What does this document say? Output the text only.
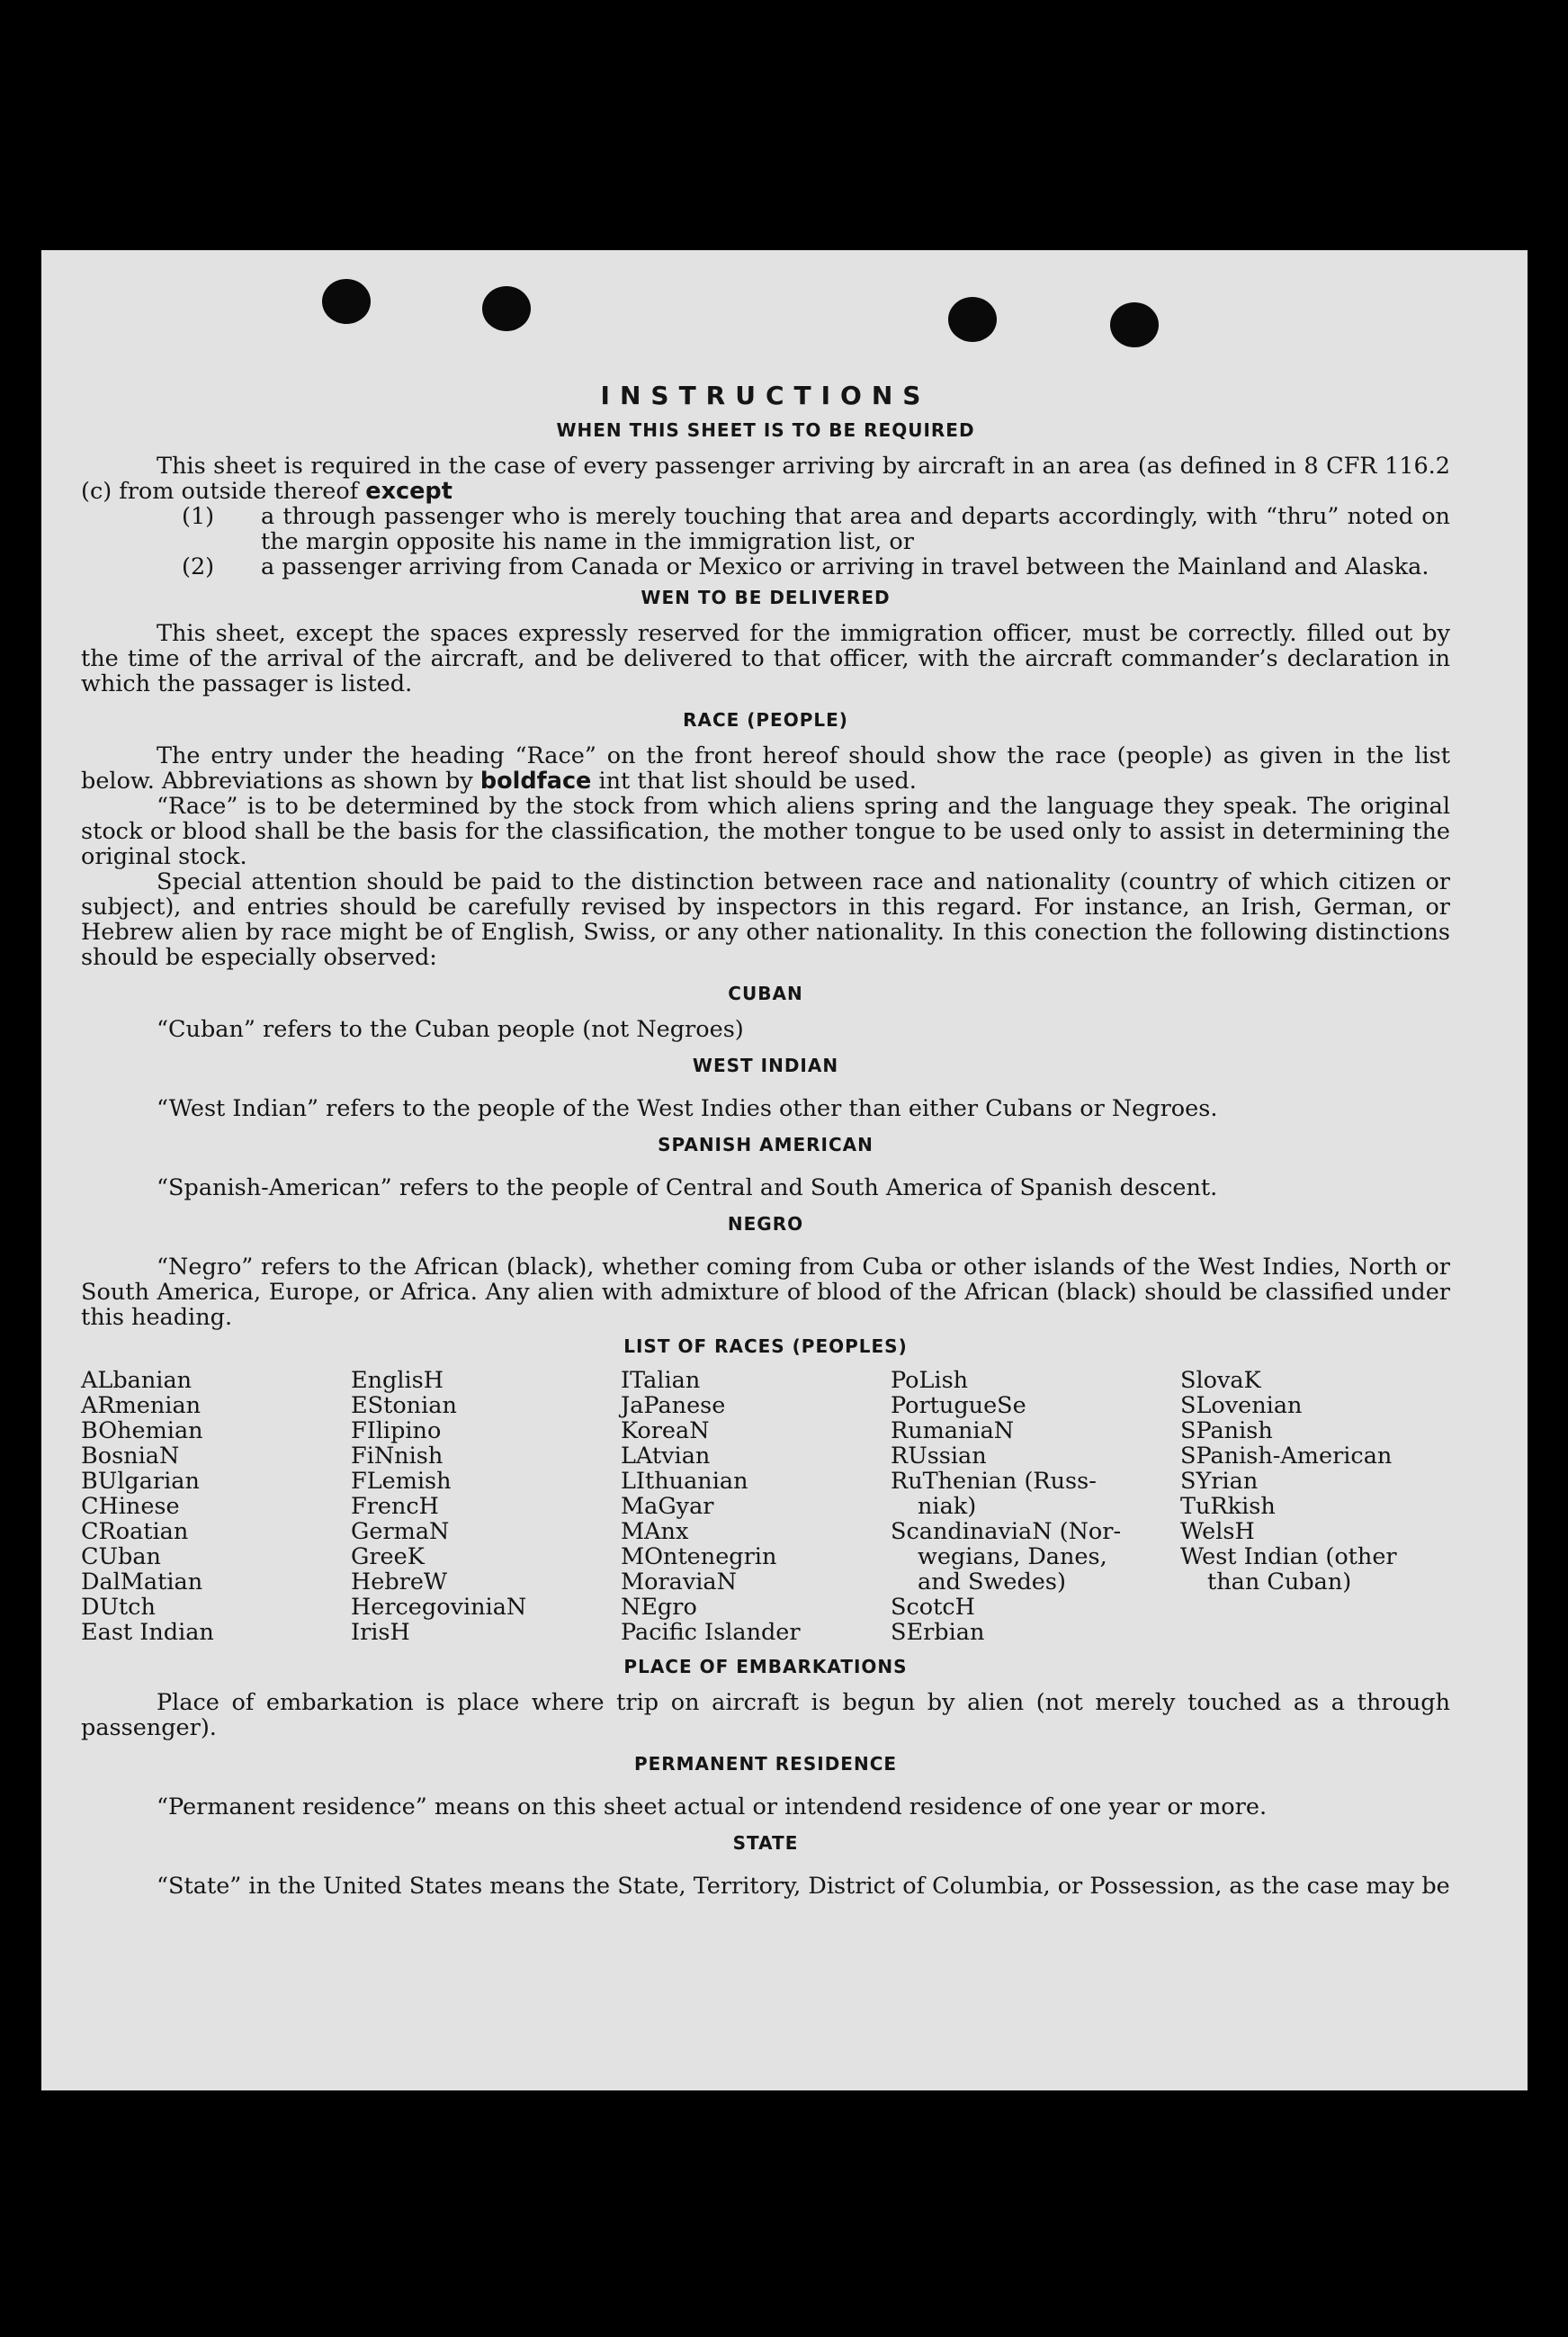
INSTRUCTIONS
WHEN THIS SHEET IS TO BE REQUIRED

This sheet is required in the case of every passenger arriving by aircraft in an area (as defined in 8 CFR 116.2 (c) from outside thereof except

(1)	a through passenger who is merely touching that area and departs accordingly, with “thru” noted on the margin opposite his name in the immigration list, or
(2)	a passenger arriving from Canada or Mexico or arriving in travel between the Mainland and Alaska.
WEN TO BE DELIVERED

This sheet, except the spaces expressly reserved for the immigration officer, must be correctly. filled out by the time of the arrival of the aircraft, and be delivered to that officer, with the aircraft commander’s declaration in which the passager is listed.

RACE (PEOPLE)

The entry under the heading “Race” on the front hereof should show the race (people) as given in the list below. Abbreviations as shown by boldface int that list should be used.

“Race” is to be determined by the stock from which aliens spring and the language they speak. The original stock or blood shall be the basis for the classification, the mother tongue to be used only to assist in determining the original stock.

Special attention should be paid to the distinction between race and nationality (country of which citizen or subject), and entries should be carefully revised by inspectors in this regard. For instance, an Irish, German, or Hebrew alien by race might be of English, Swiss, or any other nationality. In this conection the following distinctions should be especially observed:

CUBAN

“Cuban” refers to the Cuban people (not Negroes)

WEST INDIAN

“West Indian” refers to the people of the West Indies other than either Cubans or Negroes.

SPANISH AMERICAN

“Spanish-American” refers to the people of Central and South America of Spanish descent.

NEGRO

“Negro” refers to the African (black), whether coming from Cuba or other islands of the West Indies, North or South America, Europe, or Africa. Any alien with admixture of blood of the African (black) should be classified under this heading.

LIST OF RACES (PEOPLES)
ALbanian
ARmenian
BOhemian
BosniaN
BUlgarian
CHinese
CRoatian
CUban
DalMatian
DUtch
East Indian
EnglisH
EStonian
FIlipino
FiNnish
FLemish
FrencH
GermaN
GreeK
HebreW
HercegoviniaN
IrisH
ITalian
JaPanese
KoreaN
LAtvian
LIthuanian
MaGyar
MAnx
MOntenegrin
MoraviaN
NEgro
Pacific Islander
PoLish
PortugueSe
RumaniaN
RUssian
RuThenian (Russ-
niak)
ScandinaviaN (Nor-
wegians, Danes,
and Swedes)
ScotcH
SErbian
SlovaK
SLovenian
SPanish
SPanish-American
SYrian
TuRkish
WelsH
West Indian (other
than Cuban)
PLACE OF EMBARKATIONS

Place of embarkation is place where trip on aircraft is begun by alien (not merely touched as a through passenger).

PERMANENT RESIDENCE

“Permanent residence” means on this sheet actual or intendend residence of one year or more.

STATE

“State” in the United States means the State, Territory, District of Columbia, or Possession, as the case may be
